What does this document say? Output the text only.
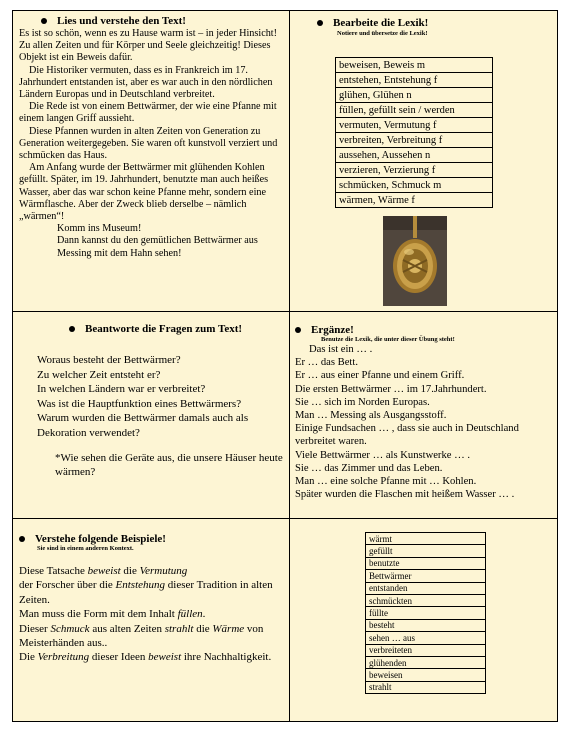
Lies und verstehe den Text!

Es ist so schön, wenn es zu Hause warm ist – in jeder Hinsicht! Zu allen Zeiten und für Körper und Seele gleichzeitig! Dieses Objekt ist ein Beweis dafür.

Die Historiker vermuten, dass es in Frankreich im 17. Jahrhundert entstanden ist, aber es war auch in den nördlichen Ländern Europas und in Deutschland verbreitet.

Die Rede ist von einem Bettwärmer, der wie eine Pfanne mit einem langen Griff aussieht.

Diese Pfannen wurden in alten Zeiten von Generation zu Generation weitergegeben. Sie waren oft kunstvoll verziert und schmücken das Haus.

Am Anfang wurde der Bettwärmer mit glühenden Kohlen gefüllt. Später, im 19. Jahrhundert, benutzte man auch heißes Wasser, aber das war schon keine Pfanne mehr, sondern eine Wärmflasche. Aber der Zweck blieb derselbe – nämlich „wärmen“!

Komm ins Museum!

Dann kannst du den gemütlichen Bettwärmer aus Messing mit dem Hahn sehen!

Bearbeite die Lexik!
Notiere und übersetze die Lexik!
beweisen, Beweis m
entstehen, Entstehung f
glühen, Glühen n
füllen, gefüllt sein / werden
vermuten, Vermutung f
verbreiten, Verbreitung f
aussehen, Aussehen n
verzieren, Verzierung f
schmücken, Schmuck m
wärmen, Wärme f
Beantworte die Fragen zum Text!

Woraus besteht der Bettwärmer?

Zu welcher Zeit entsteht er?

In welchen Ländern war er verbreitet?

Was ist die Hauptfunktion eines Bettwärmers?

Warum wurden die Bettwärmer damals auch als Dekoration verwendet?

*Wie sehen die Geräte aus, die unsere Häuser heute wärmen?

Ergänze!
Benutze die Lexik, die unter dieser Übung steht!

Das ist ein … .

Er … das Bett.

Er … aus einer Pfanne und einem Griff.

Die ersten Bettwärmer … im 17.Jahrhundert.

Sie … sich im Norden Europas.

Man … Messing als Ausgangsstoff.

Einige Fundsachen … , dass sie auch in Deutschland verbreitet waren.

Viele Bettwärmer … als Kunstwerke … .

Sie … das Zimmer und das Leben.

Man … eine solche Pfanne mit … Kohlen.

Später wurden die Flaschen mit heißem Wasser … .

Verstehe folgende Beispiele!
Sie sind in einem anderen Kontext.

Diese Tatsache beweist die Vermutung

der Forscher über die Entstehung dieser Tradition in alten Zeiten.

Man muss die Form mit dem Inhalt füllen.

Dieser Schmuck aus alten Zeiten strahlt die Wärme von Meisterhänden aus..

Die Verbreitung dieser Ideen beweist ihre Nachhaltigkeit.

wärmt
gefüllt
benutzte
Bettwärmer
entstanden
schmückten
füllte
besteht
sehen … aus
verbreiteten
glühenden
beweisen
strahlt
